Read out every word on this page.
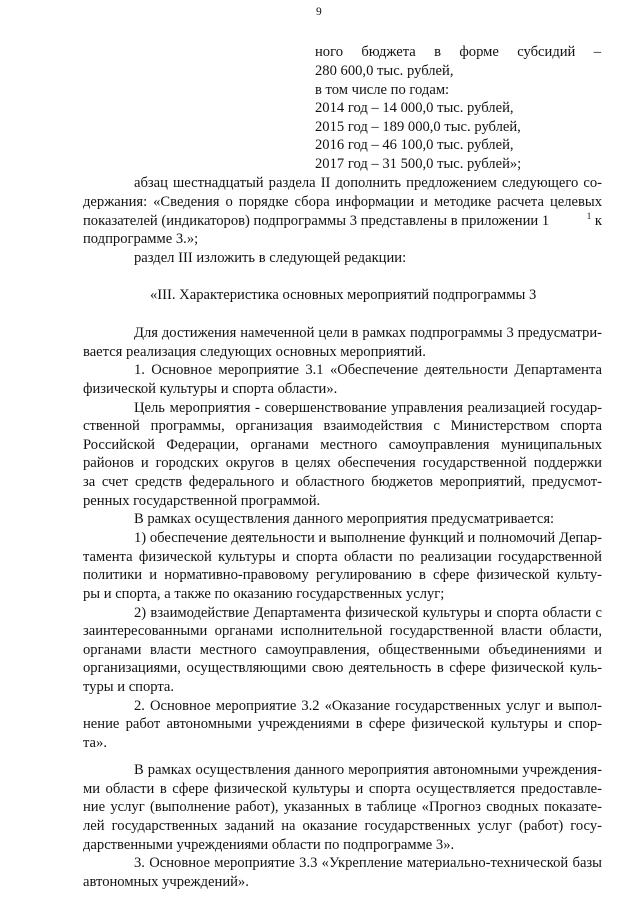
9
ного бюджета в форме субсидий –
280 600,0 тыс. рублей,
в том числе по годам:
2014 год – 14 000,0 тыс. рублей,
2015 год – 189 000,0 тыс. рублей,
2016 год – 46 100,0 тыс. рублей,
2017 год – 31 500,0 тыс. рублей»;
абзац шестнадцатый раздела II дополнить предложением следующего со-
держания: «Сведения о порядке сбора информации и методике расчета целевых
показателей (индикаторов) подпрограммы 3 представлены в приложении 1	$^1$ к
подпрограмме 3.»;
раздел III изложить в следующей редакции:
«III. Характеристика основных мероприятий подпрограммы 3
Для достижения намеченной цели в рамках подпрограммы 3 предусматри-
вается реализация следующих основных мероприятий.
1. Основное мероприятие 3.1 «Обеспечение деятельности Департамента
физической культуры и спорта области».
Цель мероприятия - совершенствование управления реализацией государ-
ственной программы, организация взаимодействия с Министерством спорта
Российской Федерации, органами местного самоуправления муниципальных
районов и городских округов в целях обеспечения государственной поддержки
за счет средств федерального и областного бюджетов мероприятий, предусмот-
ренных государственной программой.
В рамках осуществления данного мероприятия предусматривается:
1) обеспечение деятельности и выполнение функций и полномочий Депар-
тамента физической культуры и спорта области по реализации государственной
политики и нормативно-правовому регулированию в сфере физической культу-
ры и спорта, а также по оказанию государственных услуг;
2) взаимодействие Департамента физической культуры и спорта области с
заинтересованными органами исполнительной государственной власти области,
органами власти местного самоуправления, общественными объединениями и
организациями, осуществляющими свою деятельность в сфере физической куль-
туры и спорта.
2. Основное мероприятие 3.2 «Оказание государственных услуг и выпол-
нение работ автономными учреждениями в сфере физической культуры и спор-
та».
В рамках осуществления данного мероприятия автономными учреждения-
ми области в сфере физической культуры и спорта осуществляется предоставле-
ние услуг (выполнение работ), указанных в таблице «Прогноз сводных показате-
лей государственных заданий на оказание государственных услуг (работ) госу-
дарственными учреждениями области по подпрограмме 3».
3. Основное мероприятие 3.3 «Укрепление материально-технической базы
автономных учреждений».
